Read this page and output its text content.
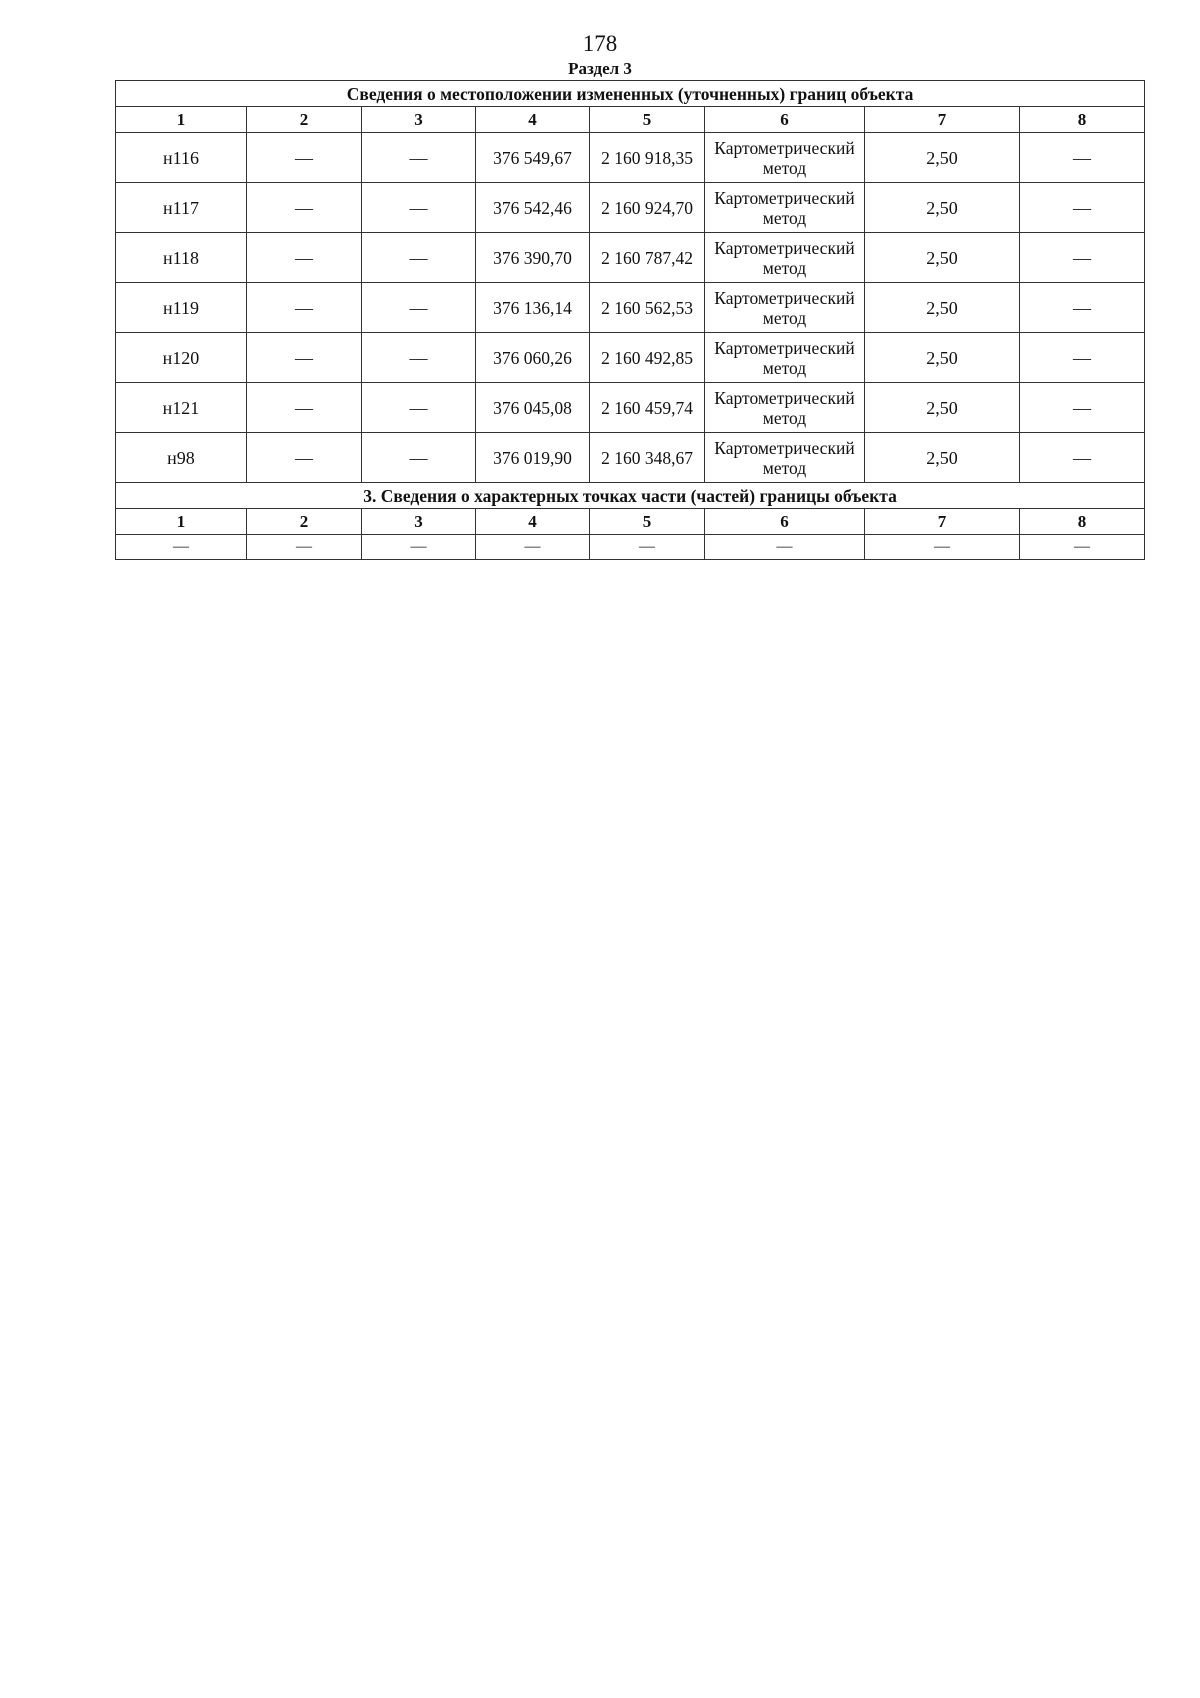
178
Раздел 3
Сведения о местоположении измененных (уточненных) границ объекта							
1	2	3	4	5	6	7	8
н116	—	—	376 549,67	2 160 918,35	Картометрический метод	2,50	—
н117	—	—	376 542,46	2 160 924,70	Картометрический метод	2,50	—
н118	—	—	376 390,70	2 160 787,42	Картометрический метод	2,50	—
н119	—	—	376 136,14	2 160 562,53	Картометрический метод	2,50	—
н120	—	—	376 060,26	2 160 492,85	Картометрический метод	2,50	—
н121	—	—	376 045,08	2 160 459,74	Картометрический метод	2,50	—
н98	—	—	376 019,90	2 160 348,67	Картометрический метод	2,50	—
3. Сведения о характерных точках части (частей) границы объекта							
1	2	3	4	5	6	7	8
—	—	—	—	—	—	—	—
